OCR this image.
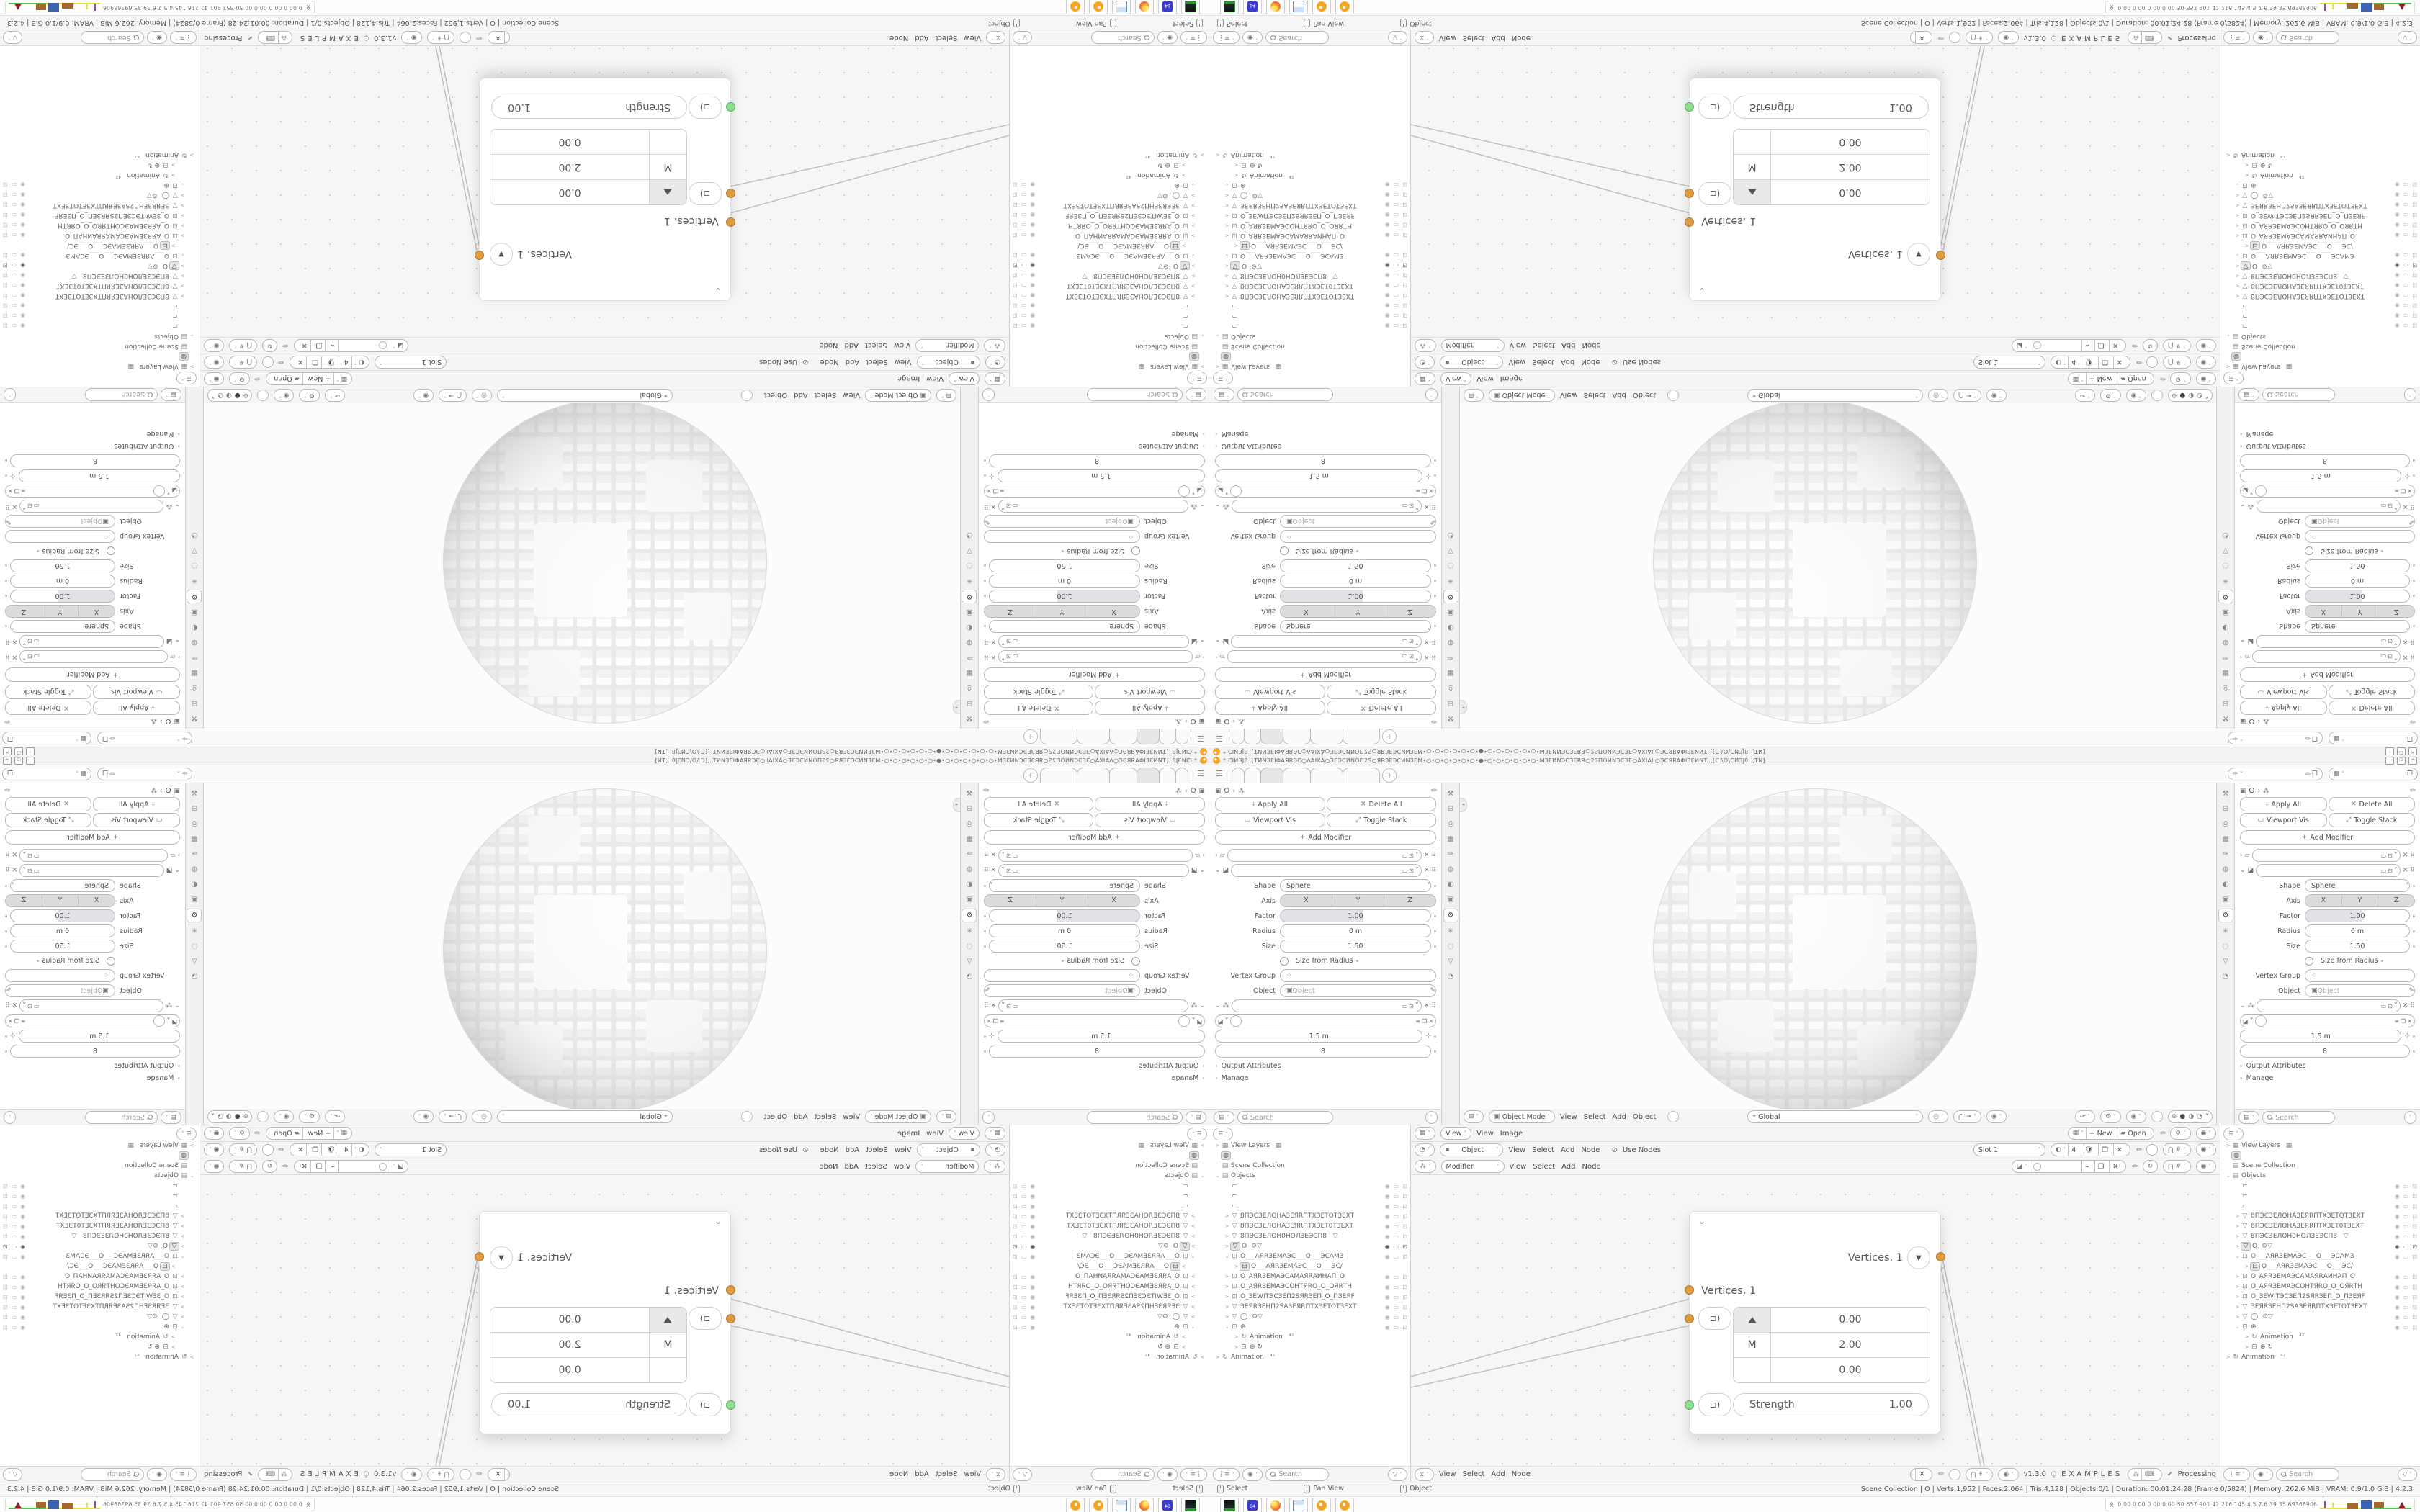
* CIИЗJ8.:;TИNЗЕIΦAЯRЭC○ΛAIXA○ЗЕЭCИNOП2S○ЯRЗЕЭCИNЗЕM•○•○•○•○•○•○•●•○•○•○•○•○•○•MЗЕИNЭCЗЕRR○2SПOИNЭCЗЕ○AXIAL○ЭCЯRAΦIЗЕИNT.:;[C:\O\CИЗJ8.:;TN]
–
❐
✕
☰
+
✑
˅
✐
❐
▦
˅
❐
▣
O
›
⁂
✐
⤓
Apply All
✕
Delete All
▭
Viewport Vis
⤢
Toggle Stack
+
Add Modifier
›
▱
▭
⊡
˅
✕
⠿
⌄
◪
▭
⊡
˅
✕
⠿
Shape
Sphere
˅
Axis
X
Y
Z
Factor
1.00
Radius
0 m
Size
1.50
Size from Radius
Vertex Group
⁘
Object
▣
Object
✎
⌄
⁂
▭
⊡
˅
✕
⠿
◪
˅
≡
❐
✕
1.5 m
⊹
8
›
Output Attributes
›
Manage
▤
˅
Search
˅
⚒
⊟
⎙
▦
✑
◍
◐
▣
⚙
✳
◌
▽
◔
◂
⊞
˅
▣
Object Mode
˅
ViewSelectAddObject
⌖
Global
˅
◎
˅
⋃
⇥
˅
◉
˅
✑
˅
⚙
˅
◉
˅
⊕
●
◑
◔
˅
⚒
⊟
⎙
▦
✑
◍
◐
▣
⚙
✳
◌
▽
◔
▣
O
›
⁂
✐
⤓
Apply All
✕
Delete All
▭
Viewport Vis
⤢
Toggle Stack
+
Add Modifier
›
▱
▭
⊡
˅
✕
⠿
⌄
◪
▭
⊡
˅
✕
⠿
Shape
Sphere
˅
Axis
X
Y
Z
Factor
1.00
Radius
0 m
Size
1.50
Size from Radius
Vertex Group
⁘
Object
▣
Object
✎
⌄
⁂
▭
⊡
˅
✕
⠿
◪
˅
≡
❐
✕
1.5 m
⊹
8
›
Output Attributes
›
Manage
▤
˅
Search
˅
≣
˅
>
▦
View Layers
▦
◍
▤
Scene Collection
⌄
▤
Objects
⌐
◉
▭
⊡
⌐
◉
▭
⊡
⌐
◉
▭
⊡
>
▽
8ПЭСЗЕЛОНАЗЕЯRПТХЗЕТОТЗЕХТ
◉
▭
⊡
>
▽
8ПЭСЗЕЛОНАЗЕЯRПТХЗЕТ0ТЗЕХТ
◉
▭
⊡
>
▽
8ПЭСЗЕЛОН0НОЛЗЕЭСП8
▽
◉
▭
⊡
>
▽
O
⚙▽
◉
▭
⊡
⌄
⊡
O___АЯRЗЕМАЭС___O___ЭСАМЗ
◉
▭
⊡
>
⊟
O___АЯRЗЕМАЭС___O___ЭС/
>
⊡
O_АЯRЗЕМАЭСАМАЯRАИНАП_O
◉
▭
⊡
>
⊡
O_АЯRЗЕМАЭСОНТЯRО_O_ОЯRТН
◉
▭
⊡
>
⊡
O_ЗЕWIТЭСЗЕП2SЯRЗЕП_O_ПЗЕЯF
◉
▭
⊡
>
▽
ЗЕЯRЗЕНП2SАЗЕЯRПТХЗЕТОТЗЕХТ
◉
▭
⊡
>
▽
◯
⚙▽
◉
▭
⊡
⌄
⊡
⊕
◉
▭
⊡
>
↻
Animation
⁴²
>
⊟
⊕ ↻
>
↻
Animation
⁴²
⋮≡
˅
◉
˅
Search
▽
˅
≣
˅
>
▦
View Layers
▦
◍
▤
Scene Collection
⌄
▤
Objects
⌐
◉
▭
⊡
⌐
◉
▭
⊡
⌐
◉
▭
⊡
>
▽
8ПЭСЗЕЛОНАЗЕЯRПТХЗЕТОТЗЕХТ
◉
▭
⊡
>
▽
8ПЭСЗЕЛОНАЗЕЯRПТХЗЕТ0ТЗЕХТ
◉
▭
⊡
>
▽
8ПЭСЗЕЛОН0НОЛЗЕЭСП8
▽
◉
▭
⊡
>
▽
O
⚙▽
◉
▭
⊡
⌄
⊡
O___АЯRЗЕМАЭС___O___ЭСАМЗ
◉
▭
⊡
>
⊟
O___АЯRЗЕМАЭС___O___ЭС/
>
⊡
O_АЯRЗЕМАЭСАМАЯRАИНАП_O
◉
▭
⊡
>
⊡
O_АЯRЗЕМАЭСОНТЯRО_O_ОЯRТН
◉
▭
⊡
>
⊡
O_ЗЕWIТЭСЗЕП2SЯRЗЕП_O_ПЗЕЯF
◉
▭
⊡
>
▽
ЗЕЯRЗЕНП2SАЗЕЯRПТХЗЕТОТЗЕХТ
◉
▭
⊡
>
▽
◯
⚙▽
◉
▭
⊡
⌄
⊡
⊕
◉
▭
⊡
>
↻
Animation
⁴²
>
⊟
⊕ ↻
>
↻
Animation
⁴²
⋮≡
˅
◉
˅
Search
▽
˅
▦
˅
View
˅
ViewImage
▦
˅
+ New
▰

Open
✐
⚙
˅
◉
˅
◔
˅
▪
Object
˅
ViewSelectAddNode
⊘
Use Nodes
Slot 1
˅
◐
˅
4
🛡
❐
✕
✐
⋃
#
˅
◉
˅
⁂
˅
Modifier
˅
ViewSelectAddNode
◪
˅
⌁
❐
✕
✐
↻
⋃
#
˅
◉
˅
⌄
Vertices. 1
▼
Vertices. 1
⊐)
0.00
M
2.00
0.00
⊐)
Strength
1.00
⧖
˅
ViewSelectAddNode
✕
✐
⋃
⇞
˅
◉
˅
v1.3.0
⧬
EXAMPLES
⁂
⌨
✔
Processing
Select
Pan View
Object
Scene Collection | O | Verts:1,952 | Faces:2,064 | Tris:4,128 | Objects:0/1 | Duration: 00:01:24:28 (Frame 0/5824) | Memory: 262.6 MiB | VRAM: 0.9/1.0 GiB | 4.2.3
64
≫
0.00 0.00 0.00 0.00 50 657 901 42 216 145 4.5 7.6 39 35 69368906
* CIИЗJ8.:;TИNЗЕIΦAЯRЭC○ΛAIXA○ЗЕЭCИNOП2S○ЯRЗЕЭCИNЗЕM•○•○•○•○•○•○•●•○•○•○•○•○•○•MЗЕИNЭCЗЕRR○2SПOИNЭCЗЕ○AXIAL○ЭCЯRAΦIЗЕИNT.:;[C:\O\CИЗJ8.:;TN]	–	❐	✕
☰	+	✑ ˅	✐ ❐ ▦ ˅	❐
▣ O › ⁂	✐
⤓ Apply All	✕ Delete All
▭ Viewport Vis	⤢ Toggle Stack
+ Add Modifier
› ▱	▭ ⊡ ˅ ✕ ⠿
⌄ ◪	▭ ⊡ ˅ ✕ ⠿
Shape	Sphere	˅
Axis	X	Y	Z
Factor	1.00
Radius	0 m
Size	1.50
Size from Radius
Vertex Group	⁘
Object	▣ Object	✎
⌄ ⁂	▭ ⊡ ˅ ✕ ⠿
◪ ˅	≡ ❐ ✕
1.5 m	⊹
8
› Output Attributes
› Manage
▤ ˅	Search	˅
⚒
⊟
⎙
▦
✑
◍
◐
▣
⚙
✳
◌
▽
◔
◂
⊞ ˅ ▣ Object Mode ˅ View Select Add Object	⌖ Global	˅ ◎ ˅ ⋃ ⇥ ˅ ◉ ˅	✑ ˅ ⚙ ˅ ◉ ˅	⊕ ● ◑ ◔ ˅
⚒
⊟
⎙
▦
✑
◍
◐
▣
⚙
✳
◌
▽
◔
▣ O › ⁂	✐
⤓ Apply All	✕ Delete All
▭ Viewport Vis	⤢ Toggle Stack
+ Add Modifier
› ▱	▭ ⊡ ˅ ✕ ⠿
⌄ ◪	▭ ⊡ ˅ ✕ ⠿
Shape	Sphere	˅
Axis	X	Y	Z
Factor	1.00
Radius	0 m
Size	1.50
Size from Radius
Vertex Group	⁘
Object	▣ Object	✎
⌄ ⁂	▭ ⊡ ˅ ✕ ⠿
◪ ˅	≡ ❐ ✕
1.5 m	⊹
8
› Output Attributes
› Manage
▤ ˅	Search	˅
≣ ˅
> ▦ View Layers ▦
◍
▤ Scene Collection
⌄ ▤ Objects
⌐	◉ ▭ ⊡
⌐	◉ ▭ ⊡
⌐	◉ ▭ ⊡
> ▽ 8ПЭСЗЕЛОНАЗЕЯRПТХЗЕТОТЗЕХТ	◉ ▭ ⊡
> ▽ 8ПЭСЗЕЛОНАЗЕЯRПТХЗЕТ0ТЗЕХТ	◉ ▭ ⊡
> ▽ 8ПЭСЗЕЛОН0НОЛЗЕЭСП8 ▽	◉ ▭ ⊡
> ▽ O ⚙▽	◉ ▭ ⊡
⌄ ⊡ O___АЯRЗЕМАЭС___O___ЭСАМЗ	◉ ▭ ⊡
> ⊟ O___АЯRЗЕМАЭС___O___ЭС/
> ⊡ O_АЯRЗЕМАЭСАМАЯRАИНАП_O	◉ ▭ ⊡
> ⊡ O_АЯRЗЕМАЭСОНТЯRО_O_ОЯRТН	◉ ▭ ⊡
> ⊡ O_ЗЕWIТЭСЗЕП2SЯRЗЕП_O_ПЗЕЯF	◉ ▭ ⊡
> ▽ ЗЕЯRЗЕНП2SАЗЕЯRПТХЗЕТОТЗЕХТ	◉ ▭ ⊡
> ▽ ◯ ⚙▽	◉ ▭ ⊡
⌄ ⊡ ⊕	◉ ▭ ⊡
> ↻ Animation ⁴²
> ⊟ ⊕ ↻
> ↻ Animation ⁴²
⋮≡ ˅ ◉ ˅	Search	▽ ˅
≣ ˅
> ▦ View Layers ▦
◍
▤ Scene Collection
⌄ ▤ Objects
⌐	◉ ▭ ⊡
⌐	◉ ▭ ⊡
⌐	◉ ▭ ⊡
> ▽ 8ПЭСЗЕЛОНАЗЕЯRПТХЗЕТОТЗЕХТ	◉ ▭ ⊡
> ▽ 8ПЭСЗЕЛОНАЗЕЯRПТХЗЕТ0ТЗЕХТ	◉ ▭ ⊡
> ▽ 8ПЭСЗЕЛОН0НОЛЗЕЭСП8 ▽	◉ ▭ ⊡
> ▽ O ⚙▽	◉ ▭ ⊡
⌄ ⊡ O___АЯRЗЕМАЭС___O___ЭСАМЗ	◉ ▭ ⊡
> ⊟ O___АЯRЗЕМАЭС___O___ЭС/
> ⊡ O_АЯRЗЕМАЭСАМАЯRАИНАП_O	◉ ▭ ⊡
> ⊡ O_АЯRЗЕМАЭСОНТЯRО_O_ОЯRТН	◉ ▭ ⊡
> ⊡ O_ЗЕWIТЭСЗЕП2SЯRЗЕП_O_ПЗЕЯF	◉ ▭ ⊡
> ▽ ЗЕЯRЗЕНП2SАЗЕЯRПТХЗЕТОТЗЕХТ	◉ ▭ ⊡
> ▽ ◯ ⚙▽	◉ ▭ ⊡
⌄ ⊡ ⊕	◉ ▭ ⊡
> ↻ Animation ⁴²
> ⊟ ⊕ ↻
> ↻ Animation ⁴²
⋮≡ ˅ ◉ ˅	Search	▽ ˅
▦ ˅ View ˅ View Image	▦ ˅ + New	▰
Open ✐ ⚙ ˅ ◉ ˅
◔ ˅ ▪ Object ˅ View Select Add Node	⊘ Use Nodes	Slot 1	˅ ◐ ˅ 4	🛡	❐	✕	✐	⋃ # ˅ ◉ ˅
⁂ ˅ Modifier	˅ View Select Add Node	◪ ˅	⌁	❐	✕	✐ ↻ ⋃ # ˅ ◉ ˅
⌄
Vertices. 1	▼
Vertices. 1
⊐)	0.00
M	2.00
0.00
⊐)	Strength	1.00
⧖ ˅ View Select Add Node	✕	✐	⋃ ⇞ ˅ ◉ ˅ v1.3.0 ⧬ EXAMPLES ⁂ ⌨	✔ Processing
Select	Pan View	Object	Scene Collection | O | Verts:1,952 | Faces:2,064 | Tris:4,128 | Objects:0/1 | Duration: 00:01:24:28 (Frame 0/5824) | Memory: 262.6 MiB | VRAM: 0.9/1.0 GiB | 4.2.3
64	≫ 0.00 0.00 0.00 0.00 50 657 901 42 216 145 4.5 7.6 39 35 69368906
* CIИЗJ8.:;TИNЗЕIΦAЯRЭC○ΛAIXA○ЗЕЭCИNOП2S○ЯRЗЕЭCИNЗЕM•○•○•○•○•○•○•●•○•○•○•○•○•○•MЗЕИNЭCЗЕRR○2SПOИNЭCЗЕ○AXIAL○ЭCЯRAΦIЗЕИNT.:;[C:\O\CИЗJ8.:;TN]
–
❐
✕
☰
+
✑
˅
✐
❐
▦
˅
❐
▣
O
›
⁂
✐
⤓
Apply All
✕
Delete All
▭
Viewport Vis
⤢
Toggle Stack
+
Add Modifier
›
▱
▭
⊡
˅
✕
⠿
⌄
◪
▭
⊡
˅
✕
⠿
Shape
Sphere
˅
Axis
X
Y
Z
Factor
1.00
Radius
0 m
Size
1.50
Size from Radius
Vertex Group
⁘
Object
▣
Object
✎
⌄
⁂
▭
⊡
˅
✕
⠿
◪
˅
≡
❐
✕
1.5 m
⊹
8
›
Output Attributes
›
Manage
▤
˅
Search
˅
⚒
⊟
⎙
▦
✑
◍
◐
▣
⚙
✳
◌
▽
◔
◂
⊞
˅
▣
Object Mode
˅
ViewSelectAddObject
⌖
Global
˅
◎
˅
⋃
⇥
˅
◉
˅
✑
˅
⚙
˅
◉
˅
⊕
●
◑
◔
˅
⚒
⊟
⎙
▦
✑
◍
◐
▣
⚙
✳
◌
▽
◔
▣
O
›
⁂
✐
⤓
Apply All
✕
Delete All
▭
Viewport Vis
⤢
Toggle Stack
+
Add Modifier
›
▱
▭
⊡
˅
✕
⠿
⌄
◪
▭
⊡
˅
✕
⠿
Shape
Sphere
˅
Axis
X
Y
Z
Factor
1.00
Radius
0 m
Size
1.50
Size from Radius
Vertex Group
⁘
Object
▣
Object
✎
⌄
⁂
▭
⊡
˅
✕
⠿
◪
˅
≡
❐
✕
1.5 m
⊹
8
›
Output Attributes
›
Manage
▤
˅
Search
˅
≣
˅
>
▦
View Layers
▦
◍
▤
Scene Collection
⌄
▤
Objects
⌐
◉
▭
⊡
⌐
◉
▭
⊡
⌐
◉
▭
⊡
>
▽
8ПЭСЗЕЛОНАЗЕЯRПТХЗЕТОТЗЕХТ
◉
▭
⊡
>
▽
8ПЭСЗЕЛОНАЗЕЯRПТХЗЕТ0ТЗЕХТ
◉
▭
⊡
>
▽
8ПЭСЗЕЛОН0НОЛЗЕЭСП8
▽
◉
▭
⊡
>
▽
O
⚙▽
◉
▭
⊡
⌄
⊡
O___АЯRЗЕМАЭС___O___ЭСАМЗ
◉
▭
⊡
>
⊟
O___АЯRЗЕМАЭС___O___ЭС/
>
⊡
O_АЯRЗЕМАЭСАМАЯRАИНАП_O
◉
▭
⊡
>
⊡
O_АЯRЗЕМАЭСОНТЯRО_O_ОЯRТН
◉
▭
⊡
>
⊡
O_ЗЕWIТЭСЗЕП2SЯRЗЕП_O_ПЗЕЯF
◉
▭
⊡
>
▽
ЗЕЯRЗЕНП2SАЗЕЯRПТХЗЕТОТЗЕХТ
◉
▭
⊡
>
▽
◯
⚙▽
◉
▭
⊡
⌄
⊡
⊕
◉
▭
⊡
>
↻
Animation
⁴²
>
⊟
⊕ ↻
>
↻
Animation
⁴²
⋮≡
˅
◉
˅
Search
▽
˅
≣
˅
>
▦
View Layers
▦
◍
▤
Scene Collection
⌄
▤
Objects
⌐
◉
▭
⊡
⌐
◉
▭
⊡
⌐
◉
▭
⊡
>
▽
8ПЭСЗЕЛОНАЗЕЯRПТХЗЕТОТЗЕХТ
◉
▭
⊡
>
▽
8ПЭСЗЕЛОНАЗЕЯRПТХЗЕТ0ТЗЕХТ
◉
▭
⊡
>
▽
8ПЭСЗЕЛОН0НОЛЗЕЭСП8
▽
◉
▭
⊡
>
▽
O
⚙▽
◉
▭
⊡
⌄
⊡
O___АЯRЗЕМАЭС___O___ЭСАМЗ
◉
▭
⊡
>
⊟
O___АЯRЗЕМАЭС___O___ЭС/
>
⊡
O_АЯRЗЕМАЭСАМАЯRАИНАП_O
◉
▭
⊡
>
⊡
O_АЯRЗЕМАЭСОНТЯRО_O_ОЯRТН
◉
▭
⊡
>
⊡
O_ЗЕWIТЭСЗЕП2SЯRЗЕП_O_ПЗЕЯF
◉
▭
⊡
>
▽
ЗЕЯRЗЕНП2SАЗЕЯRПТХЗЕТОТЗЕХТ
◉
▭
⊡
>
▽
◯
⚙▽
◉
▭
⊡
⌄
⊡
⊕
◉
▭
⊡
>
↻
Animation
⁴²
>
⊟
⊕ ↻
>
↻
Animation
⁴²
⋮≡
˅
◉
˅
Search
▽
˅
▦
˅
View
˅
ViewImage
▦
˅
+ New
▰

Open
✐
⚙
˅
◉
˅
◔
˅
▪
Object
˅
ViewSelectAddNode
⊘
Use Nodes
Slot 1
˅
◐
˅
4
🛡
❐
✕
✐
⋃
#
˅
◉
˅
⁂
˅
Modifier
˅
ViewSelectAddNode
◪
˅
⌁
❐
✕
✐
↻
⋃
#
˅
◉
˅
⌄
Vertices. 1
▼
Vertices. 1
⊐)
0.00
M
2.00
0.00
⊐)
Strength
1.00
⧖
˅
ViewSelectAddNode
✕
✐
⋃
⇞
˅
◉
˅
v1.3.0
⧬
EXAMPLES
⁂
⌨
✔
Processing
Select
Pan View
Object
Scene Collection | O | Verts:1,952 | Faces:2,064 | Tris:4,128 | Objects:0/1 | Duration: 00:01:24:28 (Frame 0/5824) | Memory: 262.6 MiB | VRAM: 0.9/1.0 GiB | 4.2.3
64
≫
0.00 0.00 0.00 0.00 50 657 901 42 216 145 4.5 7.6 39 35 69368906
* CIИЗJ8.:;TИNЗЕIΦAЯRЭC○ΛAIXA○ЗЕЭCИNOП2S○ЯRЗЕЭCИNЗЕM•○•○•○•○•○•○•●•○•○•○•○•○•○•MЗЕИNЭCЗЕRR○2SПOИNЭCЗЕ○AXIAL○ЭCЯRAΦIЗЕИNT.:;[C:\O\CИЗJ8.:;TN]	–	❐	✕
☰	+	✑ ˅	✐ ❐ ▦ ˅	❐
▣ O › ⁂	✐
⤓ Apply All	✕ Delete All
▭ Viewport Vis	⤢ Toggle Stack
+ Add Modifier
› ▱	▭ ⊡ ˅ ✕ ⠿
⌄ ◪	▭ ⊡ ˅ ✕ ⠿
Shape	Sphere	˅
Axis	X	Y	Z
Factor	1.00
Radius	0 m
Size	1.50
Size from Radius
Vertex Group	⁘
Object	▣ Object	✎
⌄ ⁂	▭ ⊡ ˅ ✕ ⠿
◪ ˅	≡ ❐ ✕
1.5 m	⊹
8
› Output Attributes
› Manage
▤ ˅	Search	˅
⚒
⊟
⎙
▦
✑
◍
◐
▣
⚙
✳
◌
▽
◔
◂
⊞ ˅ ▣ Object Mode ˅ View Select Add Object	⌖ Global	˅ ◎ ˅ ⋃ ⇥ ˅ ◉ ˅	✑ ˅ ⚙ ˅ ◉ ˅	⊕ ● ◑ ◔ ˅
⚒
⊟
⎙
▦
✑
◍
◐
▣
⚙
✳
◌
▽
◔
▣ O › ⁂	✐
⤓ Apply All	✕ Delete All
▭ Viewport Vis	⤢ Toggle Stack
+ Add Modifier
› ▱	▭ ⊡ ˅ ✕ ⠿
⌄ ◪	▭ ⊡ ˅ ✕ ⠿
Shape	Sphere	˅
Axis	X	Y	Z
Factor	1.00
Radius	0 m
Size	1.50
Size from Radius
Vertex Group	⁘
Object	▣ Object	✎
⌄ ⁂	▭ ⊡ ˅ ✕ ⠿
◪ ˅	≡ ❐ ✕
1.5 m	⊹
8
› Output Attributes
› Manage
▤ ˅	Search	˅
≣ ˅
> ▦ View Layers ▦
◍
▤ Scene Collection
⌄ ▤ Objects
⌐	◉ ▭ ⊡
⌐	◉ ▭ ⊡
⌐	◉ ▭ ⊡
> ▽ 8ПЭСЗЕЛОНАЗЕЯRПТХЗЕТОТЗЕХТ	◉ ▭ ⊡
> ▽ 8ПЭСЗЕЛОНАЗЕЯRПТХЗЕТ0ТЗЕХТ	◉ ▭ ⊡
> ▽ 8ПЭСЗЕЛОН0НОЛЗЕЭСП8 ▽	◉ ▭ ⊡
> ▽ O ⚙▽	◉ ▭ ⊡
⌄ ⊡ O___АЯRЗЕМАЭС___O___ЭСАМЗ	◉ ▭ ⊡
> ⊟ O___АЯRЗЕМАЭС___O___ЭС/
> ⊡ O_АЯRЗЕМАЭСАМАЯRАИНАП_O	◉ ▭ ⊡
> ⊡ O_АЯRЗЕМАЭСОНТЯRО_O_ОЯRТН	◉ ▭ ⊡
> ⊡ O_ЗЕWIТЭСЗЕП2SЯRЗЕП_O_ПЗЕЯF	◉ ▭ ⊡
> ▽ ЗЕЯRЗЕНП2SАЗЕЯRПТХЗЕТОТЗЕХТ	◉ ▭ ⊡
> ▽ ◯ ⚙▽	◉ ▭ ⊡
⌄ ⊡ ⊕	◉ ▭ ⊡
> ↻ Animation ⁴²
> ⊟ ⊕ ↻
> ↻ Animation ⁴²
⋮≡ ˅ ◉ ˅	Search	▽ ˅
≣ ˅
> ▦ View Layers ▦
◍
▤ Scene Collection
⌄ ▤ Objects
⌐	◉ ▭ ⊡
⌐	◉ ▭ ⊡
⌐	◉ ▭ ⊡
> ▽ 8ПЭСЗЕЛОНАЗЕЯRПТХЗЕТОТЗЕХТ	◉ ▭ ⊡
> ▽ 8ПЭСЗЕЛОНАЗЕЯRПТХЗЕТ0ТЗЕХТ	◉ ▭ ⊡
> ▽ 8ПЭСЗЕЛОН0НОЛЗЕЭСП8 ▽	◉ ▭ ⊡
> ▽ O ⚙▽	◉ ▭ ⊡
⌄ ⊡ O___АЯRЗЕМАЭС___O___ЭСАМЗ	◉ ▭ ⊡
> ⊟ O___АЯRЗЕМАЭС___O___ЭС/
> ⊡ O_АЯRЗЕМАЭСАМАЯRАИНАП_O	◉ ▭ ⊡
> ⊡ O_АЯRЗЕМАЭСОНТЯRО_O_ОЯRТН	◉ ▭ ⊡
> ⊡ O_ЗЕWIТЭСЗЕП2SЯRЗЕП_O_ПЗЕЯF	◉ ▭ ⊡
> ▽ ЗЕЯRЗЕНП2SАЗЕЯRПТХЗЕТОТЗЕХТ	◉ ▭ ⊡
> ▽ ◯ ⚙▽	◉ ▭ ⊡
⌄ ⊡ ⊕	◉ ▭ ⊡
> ↻ Animation ⁴²
> ⊟ ⊕ ↻
> ↻ Animation ⁴²
⋮≡ ˅ ◉ ˅	Search	▽ ˅
▦ ˅ View ˅ View Image	▦ ˅ + New	▰
Open ✐ ⚙ ˅ ◉ ˅
◔ ˅ ▪ Object ˅ View Select Add Node	⊘ Use Nodes	Slot 1	˅ ◐ ˅ 4	🛡	❐	✕	✐	⋃ # ˅ ◉ ˅
⁂ ˅ Modifier	˅ View Select Add Node	◪ ˅	⌁	❐	✕	✐ ↻ ⋃ # ˅ ◉ ˅
⌄
Vertices. 1	▼
Vertices. 1
⊐)	0.00
M	2.00
0.00
⊐)	Strength	1.00
⧖ ˅ View Select Add Node	✕	✐	⋃ ⇞ ˅ ◉ ˅ v1.3.0 ⧬ EXAMPLES ⁂ ⌨	✔ Processing
Select	Pan View	Object	Scene Collection | O | Verts:1,952 | Faces:2,064 | Tris:4,128 | Objects:0/1 | Duration: 00:01:24:28 (Frame 0/5824) | Memory: 262.6 MiB | VRAM: 0.9/1.0 GiB | 4.2.3
64	≫ 0.00 0.00 0.00 0.00 50 657 901 42 216 145 4.5 7.6 39 35 69368906
